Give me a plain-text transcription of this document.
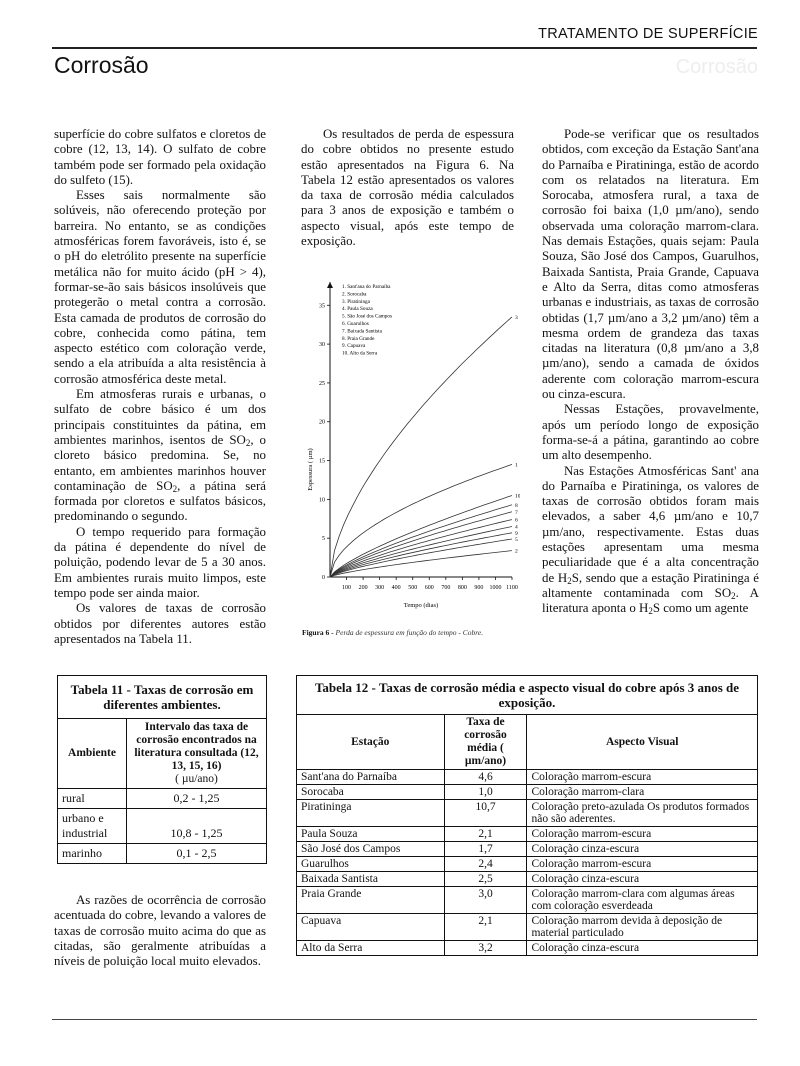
TRATAMENTO DE SUPERFÍCIE
Corrosão	Corrosão

superfície do cobre sulfatos e cloretos de cobre (12, 13, 14). O sulfato de cobre também pode ser formado pela oxidação do sulfeto (15).

Esses sais normalmente são solúveis, não oferecendo proteção por barreira. No entanto, se as condições atmosféricas forem favoráveis, isto é, se o pH do eletrólito presente na superfície metálica não for muito ácido (pH > 4), formar-se-ão sais básicos insolúveis que protegerão o metal contra a corrosão. Esta camada de produtos de corrosão do cobre, conhecida como pátina, tem aspecto estético com coloração verde, sendo a ela atribuída a alta resistência à corrosão atmosférica deste metal.

Em atmosferas rurais e urbanas, o sulfato de cobre básico é um dos principais constituintes da pátina, em ambientes marinhos, isentos de $SO_2$, o cloreto básico predomina. Se, no entanto, em ambientes marinhos houver contaminação de $SO_2$, a pátina será formada por cloretos e sulfatos básicos, predominando o segundo.

O tempo requerido para formação da pátina é dependente do nível de poluição, podendo levar de 5 a 30 anos. Em ambientes rurais muito limpos, este tempo pode ser ainda maior.

Os valores de taxas de corrosão obtidos por diferentes autores estão apresentados na Tabela 11.

Os resultados de perda de espessura do cobre obtidos no presente estudo estão apresentados na Figura 6. Na Tabela 12 estão apresentados os valores da taxa de corrosão média calculados para 3 anos de exposição e também o aspecto visual, após este tempo de exposição.

100 200 300 400 500 600 700 800 900 1000 1100
0
5
10
15
20
25
30
35
Tempo (dias)
Espessura ( µm)
3
1
10
8
7
6
4
9
5
2
1. Sant'ana do Parnaíba
2. Sorocaba
3. Piratininga
4. Paula Souza
5. São José dos Campos
6. Guarulhos
7. Baixada Santista
8. Praia Grande
9. Capuava
10. Alto da Serra
Figura 6 - Perda de espessura em função do tempo - Cobre.

Pode-se verificar que os resultados obtidos, com exceção da Estação Sant'ana do Parnaíba e Piratininga, estão de acordo com os relatados na literatura. Em Sorocaba, atmosfera rural, a taxa de corrosão foi baixa (1,0 µm/ano), sendo observada uma coloração marrom-clara. Nas demais Estações, quais sejam: Paula Souza, São José dos Campos, Guarulhos, Baixada Santista, Praia Grande, Capuava e Alto da Serra, ditas como atmosferas urbanas e industriais, as taxas de corrosão obtidas (1,7 µm/ano a 3,2 µm/ano) têm a mesma ordem de grandeza das taxas citadas na literatura (0,8 µm/ano a 3,8 µm/ano), sendo a camada de óxidos aderente com coloração marrom-escura ou cinza-escura.

Nessas Estações, provavelmente, após um período longo de exposição forma-se-á a pátina, garantindo ao cobre um alto desempenho.

Nas Estações Atmosféricas Sant' ana do Parnaíba e Piratininga, os valores de taxas de corrosão obtidos foram mais elevados, a saber 4,6 µm/ano e 10,7 µm/ano, respectivamente. Estas duas estações apresentam uma mesma peculiaridade que é a alta concentração de $H_2S$, sendo que a estação Piratininga é altamente contaminada com $SO_2$. A literatura aponta o $H_2S$ como um agente

Tabela 11 - Taxas de corrosão em diferentes ambientes.	
Ambiente	Intervalo das taxa de corrosão encontrados na literatura consultada (12, 13, 15, 16)
( µu/ano)

rural	0,2 - 1,25
urbano e industrial	10,8 - 1,25
marinho	0,1 - 2,5
Tabela 12 - Taxas de corrosão média e aspecto visual do cobre após 3 anos de exposição.		
Estação	Taxa de corrosão média ( µm/ano)	Aspecto Visual
Sant'ana do Parnaíba	4,6	Coloração marrom-escura
Sorocaba	1,0	Coloração marrom-clara
Piratininga	10,7	Coloração preto-azulada Os produtos formados não são aderentes.
Paula Souza	2,1	Coloração marrom-escura
São José dos Campos	1,7	Coloração cinza-escura
Guarulhos	2,4	Coloração marrom-escura
Baixada Santista	2,5	Coloração cinza-escura
Praia Grande	3,0	Coloração marrom-clara com algumas áreas com coloração esverdeada
Capuava	2,1	Coloração marrom devida à deposição de material particulado
Alto da Serra	3,2	Coloração cinza-escura

As razões de ocorrência de corrosão acentuada do cobre, levando a valores de taxas de corrosão muito acima do que as citadas, são geralmente atribuídas a níveis de poluição local muito elevados.
